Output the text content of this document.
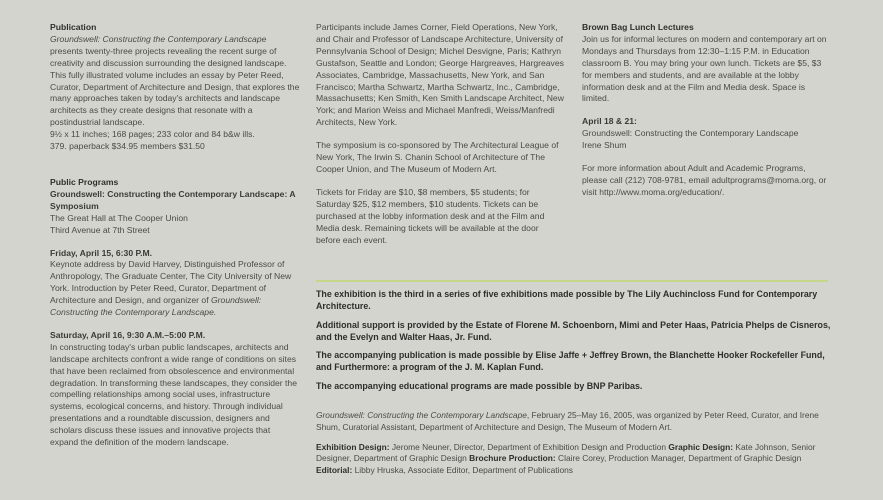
Publication

Groundswell: Constructing the Contemporary Landscape presents twenty-three projects revealing the recent surge of creativity and discussion surrounding the designed landscape. This fully illustrated volume includes an essay by Peter Reed, Curator, Department of Architecture and Design, that explores the many approaches taken by today's architects and landscape architects as they create designs that resonate with a postindustrial landscape.

9½ x 11 inches; 168 pages; 233 color and 84 b&w ills.

379. paperback $34.95 members $31.50

Public Programs

Groundswell: Constructing the Contemporary Landscape: A Symposium

The Great Hall at The Cooper Union

Third Avenue at 7th Street

Friday, April 15, 6:30 P.M.

Keynote address by David Harvey, Distinguished Professor of Anthropology, The Graduate Center, The City University of New York. Introduction by Peter Reed, Curator, Department of Architecture and Design, and organizer of Groundswell: Constructing the Contemporary Landscape.

Saturday, April 16, 9:30 A.M.–5:00 P.M.

In constructing today's urban public landscapes, architects and landscape architects confront a wide range of conditions on sites that have been reclaimed from obsolescence and environmental degradation. In transforming these landscapes, they consider the compelling relationships among social uses, infrastructure systems, ecological concerns, and history. Through individual presentations and a roundtable discussion, designers and scholars discuss these issues and innovative projects that expand the definition of the modern landscape.

Participants include James Corner, Field Operations, New York, and Chair and Professor of Landscape Architecture, University of Pennsylvania School of Design; Michel Desvigne, Paris; Kathryn Gustafson, Seattle and London; George Hargreaves, Hargreaves Associates, Cambridge, Massachusetts, New York, and San Francisco; Martha Schwartz, Martha Schwartz, Inc., Cambridge, Massachusetts; Ken Smith, Ken Smith Landscape Architect, New York; and Marion Weiss and Michael Manfredi, Weiss/Manfredi Architects, New York.

The symposium is co-sponsored by The Architectural League of New York, The Irwin S. Chanin School of Architecture of The Cooper Union, and The Museum of Modern Art.

Tickets for Friday are $10, $8 members, $5 students; for Saturday $25, $12 members, $10 students. Tickets can be purchased at the lobby information desk and at the Film and Media desk. Remaining tickets will be available at the door before each event.

Brown Bag Lunch Lectures

Join us for informal lectures on modern and contemporary art on Mondays and Thursdays from 12:30–1:15 P.M. in Education classroom B. You may bring your own lunch. Tickets are $5, $3 for members and students, and are available at the lobby information desk and at the Film and Media desk. Space is limited.

April 18 & 21:

Groundswell: Constructing the Contemporary Landscape

Irene Shum

For more information about Adult and Academic Programs, please call (212) 708-9781, email adultprograms@moma.org, or visit http://www.moma.org/education/.

The exhibition is the third in a series of five exhibitions made possible by The Lily Auchincloss Fund for Contemporary Architecture.

Additional support is provided by the Estate of Florene M. Schoenborn, Mimi and Peter Haas, Patricia Phelps de Cisneros, and the Evelyn and Walter Haas, Jr. Fund.

The accompanying publication is made possible by Elise Jaffe + Jeffrey Brown, the Blanchette Hooker Rockefeller Fund, and Furthermore: a program of the J. M. Kaplan Fund.

The accompanying educational programs are made possible by BNP Paribas.

Groundswell: Constructing the Contemporary Landscape, February 25–May 16, 2005, was organized by Peter Reed, Curator, and Irene Shum, Curatorial Assistant, Department of Architecture and Design, The Museum of Modern Art.

Exhibition Design: Jerome Neuner, Director, Department of Exhibition Design and Production Graphic Design: Kate Johnson, Senior Designer, Department of Graphic Design Brochure Production: Claire Corey, Production Manager, Department of Graphic Design Editorial: Libby Hruska, Associate Editor, Department of Publications
